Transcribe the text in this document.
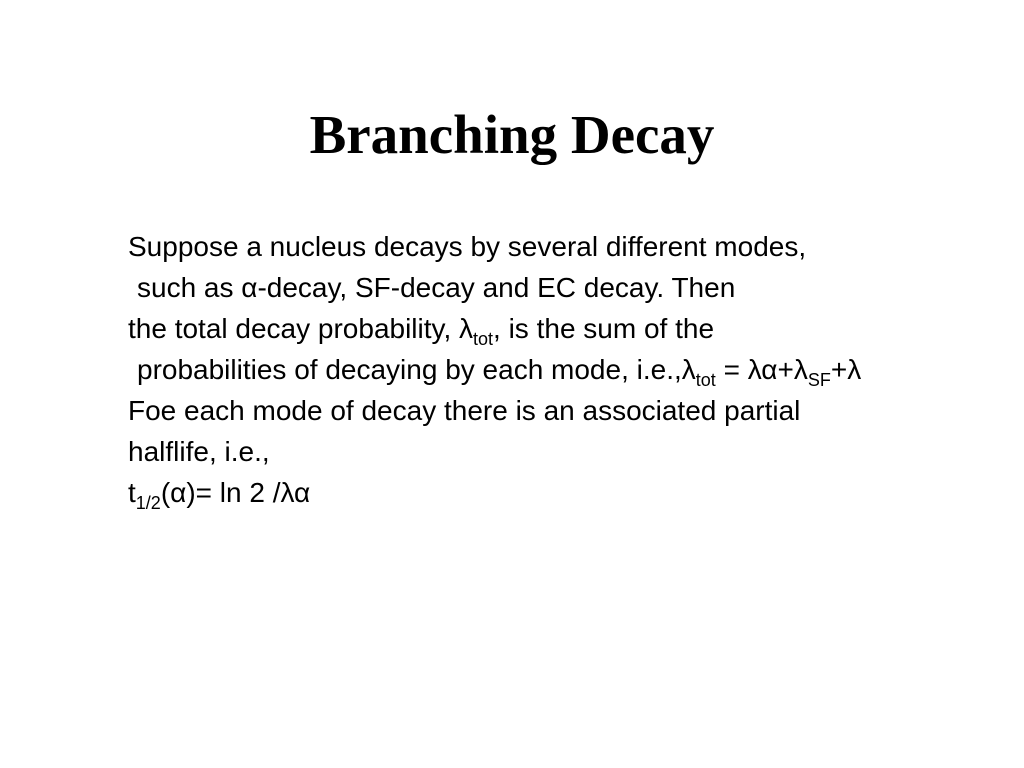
Branching Decay
Suppose a nucleus decays by several different modes,
such as α-decay, SF-decay and EC decay. Then
the total decay probability, $\lambda_{tot}$, is the sum of the
probabilities of decaying by each mode, $i.e.,\lambda_{tot} = \lambda\alpha+\lambda_{SF}+\lambda$
Foe each mode of decay there is an associated partial
halflife, i.e.,
$t_{1/2}(\alpha)= \ln 2$ /λα
